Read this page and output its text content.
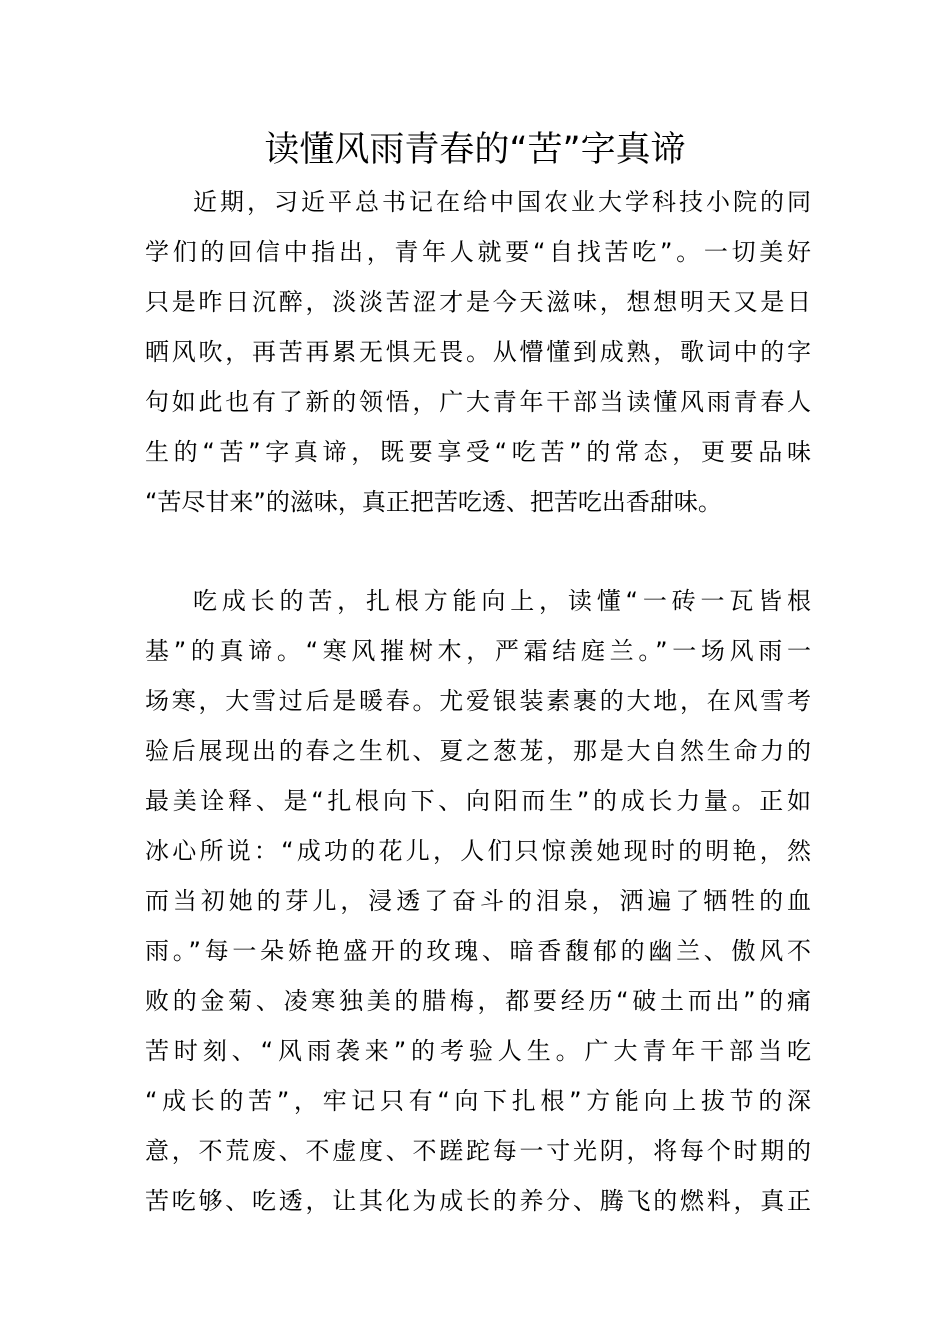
读懂风雨青春的“苦”字真谛
近期，习近平总书记在给中国农业大学科技小院的同
学们的回信中指出，青年人就要“自找苦吃”。一切美好
只是昨日沉醉，淡淡苦涩才是今天滋味，想想明天又是日
晒风吹，再苦再累无惧无畏。从懵懂到成熟，歌词中的字
句如此也有了新的领悟，广大青年干部当读懂风雨青春人
生的“苦”字真谛，既要享受“吃苦”的常态，更要品味
“苦尽甘来”的滋味，真正把苦吃透、把苦吃出香甜味。
吃成长的苦，扎根方能向上，读懂“一砖一瓦皆根
基”的真谛。“寒风摧树木，严霜结庭兰。”一场风雨一
场寒，大雪过后是暖春。尤爱银装素裹的大地，在风雪考
验后展现出的春之生机、夏之葱茏，那是大自然生命力的
最美诠释、是“扎根向下、向阳而生”的成长力量。正如
冰心所说：“成功的花儿，人们只惊羡她现时的明艳，然
而当初她的芽儿，浸透了奋斗的泪泉，洒遍了牺牲的血
雨。”每一朵娇艳盛开的玫瑰、暗香馥郁的幽兰、傲风不
败的金菊、凌寒独美的腊梅，都要经历“破土而出”的痛
苦时刻、“风雨袭来”的考验人生。广大青年干部当吃
“成长的苦”，牢记只有“向下扎根”方能向上拔节的深
意，不荒废、不虚度、不蹉跎每一寸光阴，将每个时期的
苦吃够、吃透，让其化为成长的养分、腾飞的燃料，真正
